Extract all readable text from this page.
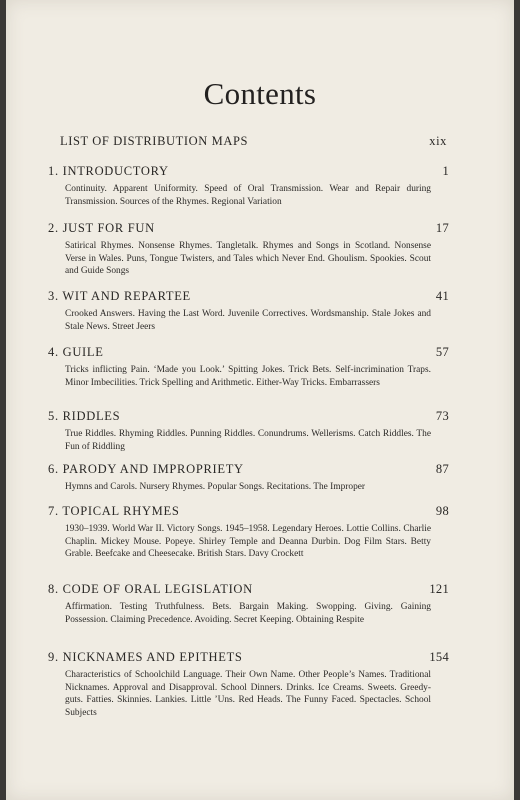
Contents
LIST OF DISTRIBUTION MAPS	xix
1. INTRODUCTORY	1
Continuity. Apparent Uniformity. Speed of Oral Transmission. Wear and Repair during Transmission. Sources of the Rhymes. Regional Variation
2. JUST FOR FUN	17
Satirical Rhymes. Nonsense Rhymes. Tangletalk. Rhymes and Songs in Scotland. Nonsense Verse in Wales. Puns, Tongue Twisters, and Tales which Never End. Ghoulism. Spookies. Scout and Guide Songs
3. WIT AND REPARTEE	41
Crooked Answers. Having the Last Word. Juvenile Correctives. Wordsmanship. Stale Jokes and Stale News. Street Jeers
4. GUILE	57
Tricks inflicting Pain. ‘Made you Look.’ Spitting Jokes. Trick Bets. Self-incrimination Traps. Minor Imbecilities. Trick Spelling and Arithmetic. Either-Way Tricks. Embarrassers
5. RIDDLES	73
True Riddles. Rhyming Riddles. Punning Riddles. Conundrums. Wellerisms. Catch Riddles. The Fun of Riddling
6. PARODY AND IMPROPRIETY	87
Hymns and Carols. Nursery Rhymes. Popular Songs. Recitations. The Improper
7. TOPICAL RHYMES	98
1930–1939. World War II. Victory Songs. 1945–1958. Legendary Heroes. Lottie Collins. Charlie Chaplin. Mickey Mouse. Popeye. Shirley Temple and Deanna Durbin. Dog Film Stars. Betty Grable. Beefcake and Cheesecake. British Stars. Davy Crockett
8. CODE OF ORAL LEGISLATION	121
Affirmation. Testing Truthfulness. Bets. Bargain Making. Swopping. Giving. Gaining Possession. Claiming Precedence. Avoiding. Secret Keeping. Obtaining Respite
9. NICKNAMES AND EPITHETS	154
Characteristics of Schoolchild Language. Their Own Name. Other People’s Names. Traditional Nicknames. Approval and Disapproval. School Dinners. Drinks. Ice Creams. Sweets. Greedy-guts. Fatties. Skinnies. Lankies. Little ’Uns. Red Heads. The Funny Faced. Spectacles. School Subjects
